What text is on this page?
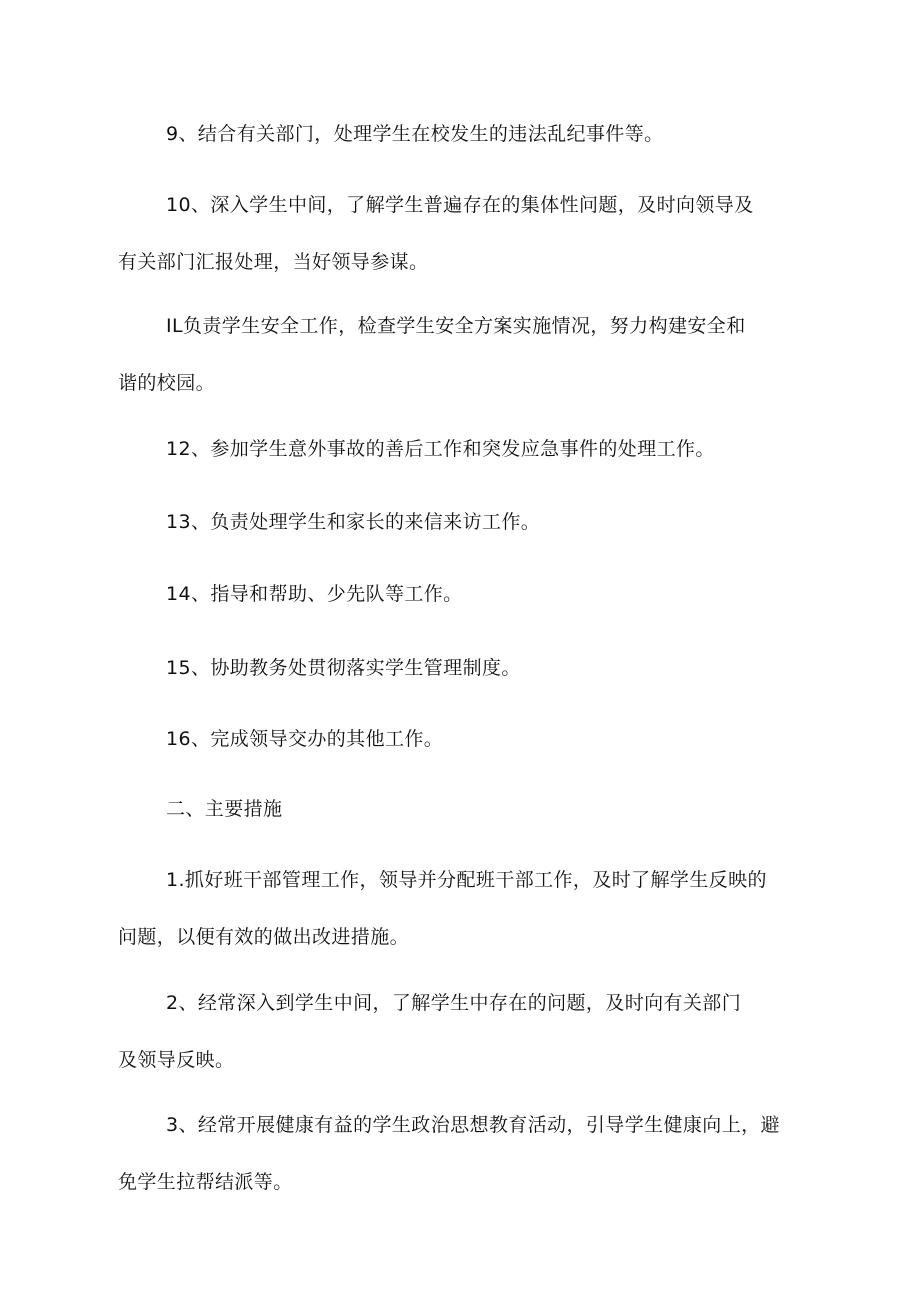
9、结合有关部门，处理学生在校发生的违法乱纪事件等。

10、深入学生中间，了解学生普遍存在的集体性问题，及时向领导及
有关部门汇报处理，当好领导参谋。

IL负责学生安全工作，检查学生安全方案实施情况，努力构建安全和
谐的校园。

12、参加学生意外事故的善后工作和突发应急事件的处理工作。

13、负责处理学生和家长的来信来访工作。

14、指导和帮助、少先队等工作。

15、协助教务处贯彻落实学生管理制度。

16、完成领导交办的其他工作。

二、主要措施

1.抓好班干部管理工作，领导并分配班干部工作，及时了解学生反映的
问题，以便有效的做出改进措施。

2、经常深入到学生中间，了解学生中存在的问题，及时向有关部门
及领导反映。

3、经常开展健康有益的学生政治思想教育活动，引导学生健康向上，避
免学生拉帮结派等。
